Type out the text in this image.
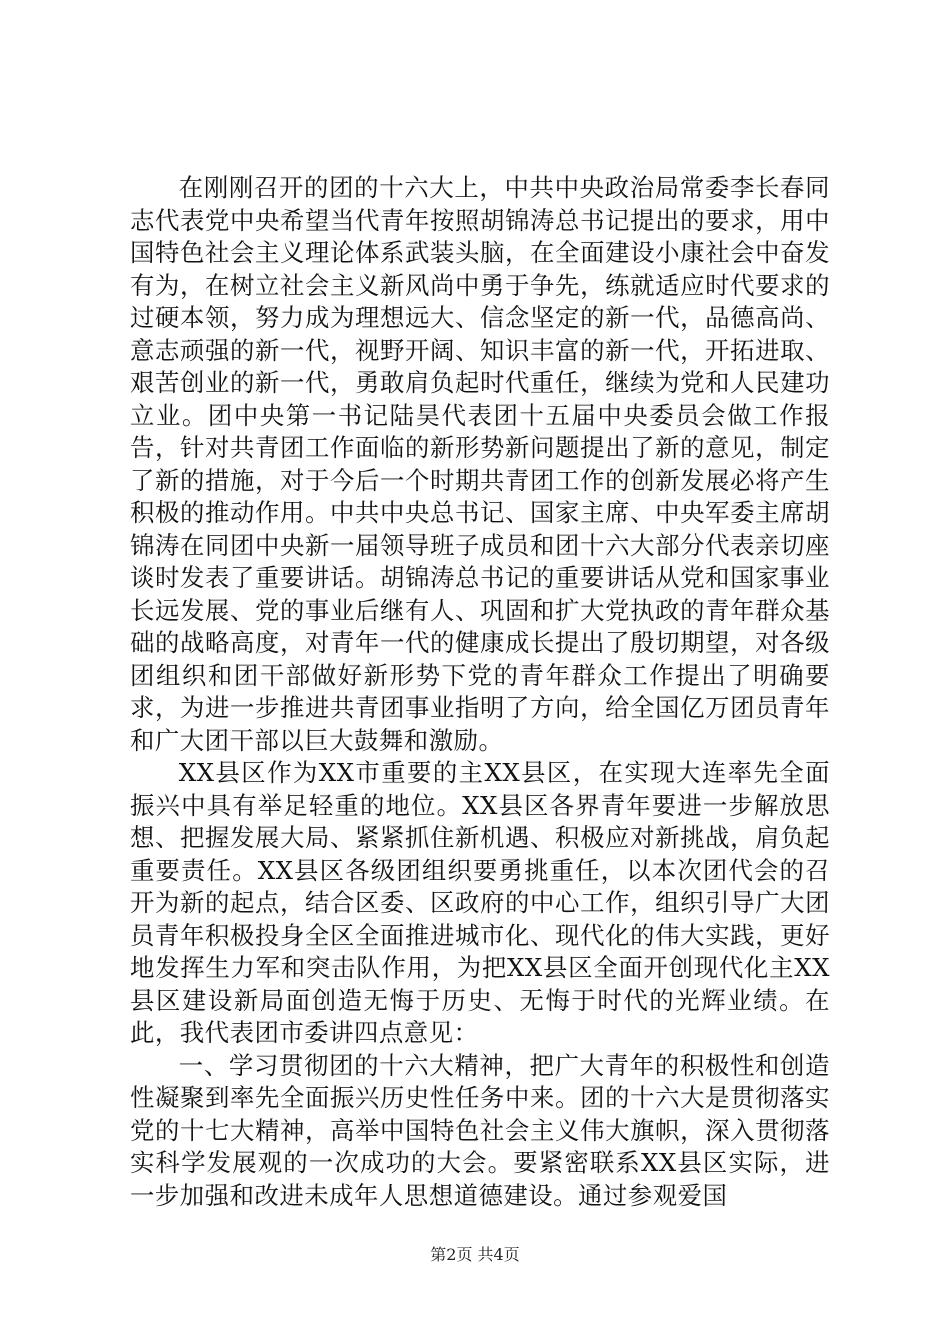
在刚刚召开的团的十六大上，中共中央政治局常委李长春同志代表党中央希望当代青年按照胡锦涛总书记提出的要求，用中国特色社会主义理论体系武装头脑，在全面建设小康社会中奋发有为，在树立社会主义新风尚中勇于争先，练就适应时代要求的过硬本领，努力成为理想远大、信念坚定的新一代，品德高尚、意志顽强的新一代，视野开阔、知识丰富的新一代，开拓进取、艰苦创业的新一代，勇敢肩负起时代重任，继续为党和人民建功立业。团中央第一书记陆昊代表团十五届中央委员会做工作报告，针对共青团工作面临的新形势新问题提出了新的意见，制定了新的措施，对于今后一个时期共青团工作的创新发展必将产生积极的推动作用。中共中央总书记、国家主席、中央军委主席胡锦涛在同团中央新一届领导班子成员和团十六大部分代表亲切座谈时发表了重要讲话。胡锦涛总书记的重要讲话从党和国家事业长远发展、党的事业后继有人、巩固和扩大党执政的青年群众基础的战略高度，对青年一代的健康成长提出了殷切期望，对各级团组织和团干部做好新形势下党的青年群众工作提出了明确要求，为进一步推进共青团事业指明了方向，给全国亿万团员青年和广大团干部以巨大鼓舞和激励。

XX县区作为XX市重要的主XX县区，在实现大连率先全面振兴中具有举足轻重的地位。XX县区各界青年要进一步解放思想、把握发展大局、紧紧抓住新机遇、积极应对新挑战，肩负起重要责任。XX县区各级团组织要勇挑重任，以本次团代会的召开为新的起点，结合区委、区政府的中心工作，组织引导广大团员青年积极投身全区全面推进城市化、现代化的伟大实践，更好地发挥生力军和突击队作用，为把XX县区全面开创现代化主XX县区建设新局面创造无悔于历史、无悔于时代的光辉业绩。在此，我代表团市委讲四点意见：

一、学习贯彻团的十六大精神，把广大青年的积极性和创造性凝聚到率先全面振兴历史性任务中来。团的十六大是贯彻落实党的十七大精神，高举中国特色社会主义伟大旗帜，深入贯彻落实科学发展观的一次成功的大会。要紧密联系XX县区实际，进一步加强和改进未成年人思想道德建设。通过参观爱国

第2页 共4页
